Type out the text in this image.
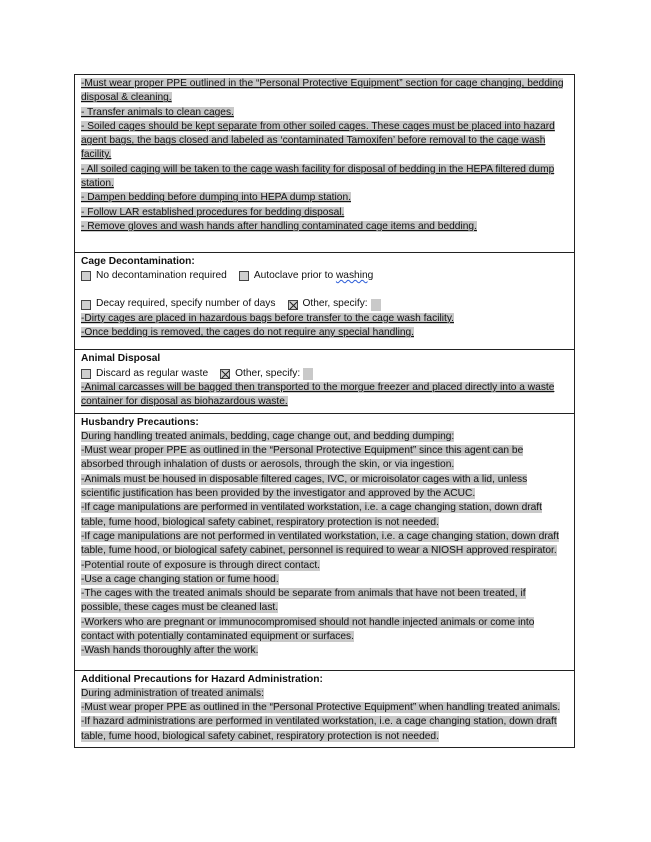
-Must wear proper PPE outlined in the “Personal Protective Equipment” section for cage changing, bedding disposal & cleaning.
- Transfer animals to clean cages.
- Soiled cages should be kept separate from other soiled cages. These cages must be placed into hazard agent bags, the bags closed and labeled as ‘contaminated Tamoxifen’ before removal to the cage wash facility.
- All soiled caging will be taken to the cage wash facility for disposal of bedding in the HEPA filtered dump station.
- Dampen bedding before dumping into HEPA dump station.
- Follow LAR established procedures for bedding disposal.
- Remove gloves and wash hands after handling contaminated cage items and bedding.
Cage Decontamination:
No decontamination required	Autoclave prior to washing
Decay required, specify number of days	Other, specify:
-Dirty cages are placed in hazardous bags before transfer to the cage wash facility.
-Once bedding is removed, the cages do not require any special handling.
Animal Disposal
Discard as regular waste	Other, specify:
-Animal carcasses will be bagged then transported to the morgue freezer and placed directly into a waste container for disposal as biohazardous waste.
Husbandry Precautions:
During handling treated animals, bedding, cage change out, and bedding dumping:
-Must wear proper PPE as outlined in the “Personal Protective Equipment” since this agent can be absorbed through inhalation of dusts or aerosols, through the skin, or via ingestion.
-Animals must be housed in disposable filtered cages, IVC, or microisolator cages with a lid, unless scientific justification has been provided by the investigator and approved by the ACUC.
-If cage manipulations are performed in ventilated workstation, i.e. a cage changing station, down draft table, fume hood, biological safety cabinet, respiratory protection is not needed.
-If cage manipulations are not performed in ventilated workstation, i.e. a cage changing station, down draft table, fume hood, or biological safety cabinet, personnel is required to wear a NIOSH approved respirator.
-Potential route of exposure is through direct contact.
-Use a cage changing station or fume hood.
-The cages with the treated animals should be separate from animals that have not been treated, if possible, these cages must be cleaned last.
-Workers who are pregnant or immunocompromised should not handle injected animals or come into contact with potentially contaminated equipment or surfaces.
-Wash hands thoroughly after the work.
Additional Precautions for Hazard Administration:
During administration of treated animals:
-Must wear proper PPE as outlined in the “Personal Protective Equipment” when handling treated animals.
-If hazard administrations are performed in ventilated workstation, i.e. a cage changing station, down draft table, fume hood, biological safety cabinet, respiratory protection is not needed.
